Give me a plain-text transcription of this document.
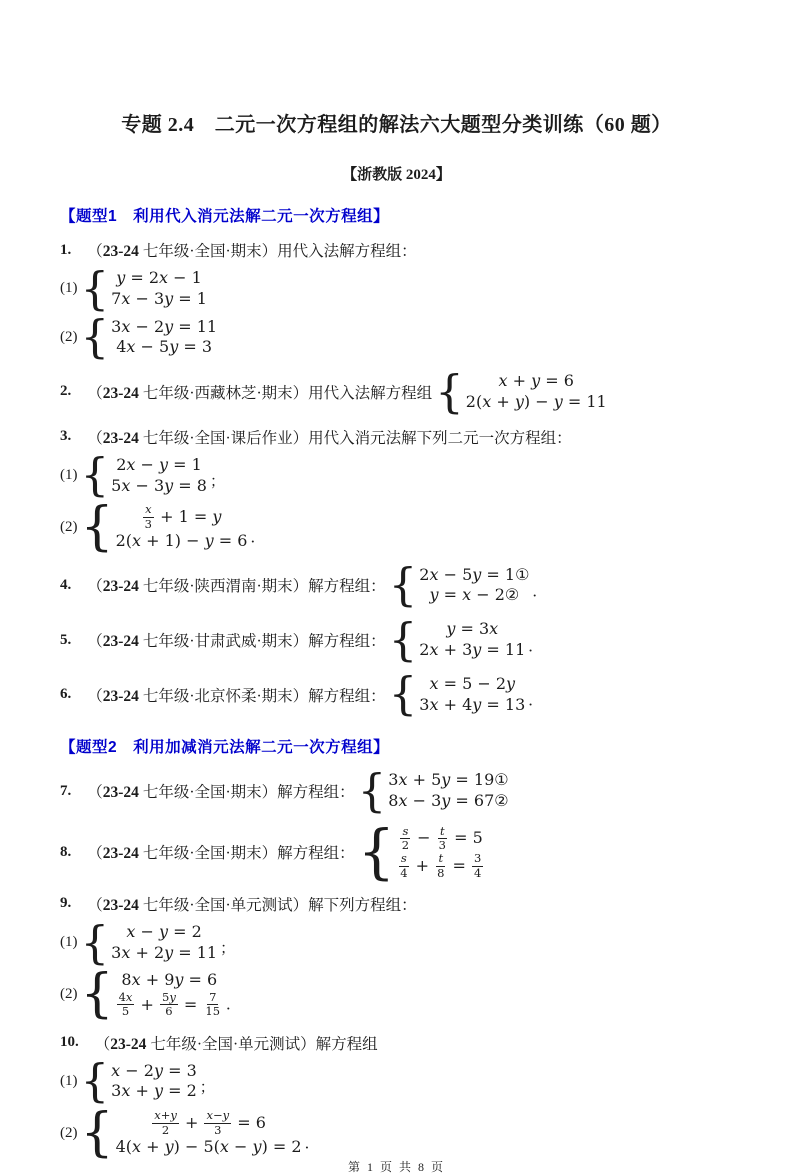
专题 2.4　二元一次方程组的解法六大题型分类训练（60 题）
【浙教版 2024】
【题型1　利用代入消元法解二元一次方程组】
1. （23-24 七年级·全国·期末）用代入法解方程组：
(1) { y = 2x − 1
7x − 3y = 1
(2) { 3x − 2y = 11
4x − 5y = 3
2. （23-24 七年级·西藏林芝·期末）用代入法解方程组 { x + y = 6
2(x + y) − y = 11
3. （23-24 七年级·全国·课后作业）用代入消元法解下列二元一次方程组：
(1) { 2x − y = 1
5x − 3y = 8 ；
(2) {	$\frac{x}{3} + 1 = y$
2(x + 1) − y = 6 ．
4. （23-24 七年级·陕西渭南·期末）解方程组： { 2x − 5y = 1①
y = x − 2② ．
5. （23-24 七年级·甘肃武威·期末）解方程组： { y = 3x
2x + 3y = 11 ．
6. （23-24 七年级·北京怀柔·期末）解方程组： { x = 5 − 2y
3x + 4y = 13 ．
【题型2　利用加减消元法解二元一次方程组】
7. （23-24 七年级·全国·期末）解方程组： { 3x + 5y = 19①
8x − 3y = 67②
8. （23-24 七年级·全国·期末）解方程组： { $\frac{s}{2} - \frac{t}{3} = 5$
$\frac{s}{4} + \frac{t}{8} = \frac{3}{4}$
9. （23-24 七年级·全国·单元测试）解下列方程组：
(1) { x − y = 2
3x + 2y = 11 ；
(2) { 8x + 9y = 6
$\frac{4x}{5} + \frac{5y}{6} = \frac{7}{15}$ ．
10. （23-24 七年级·全国·单元测试）解方程组
(1) { x − 2y = 3
3x + y = 2 ；
(2) {	$\frac{x+y}{2} + \frac{x-y}{3} = 6$
4(x + y) − 5(x − y) = 2 ．
第 1 页 共 8 页
